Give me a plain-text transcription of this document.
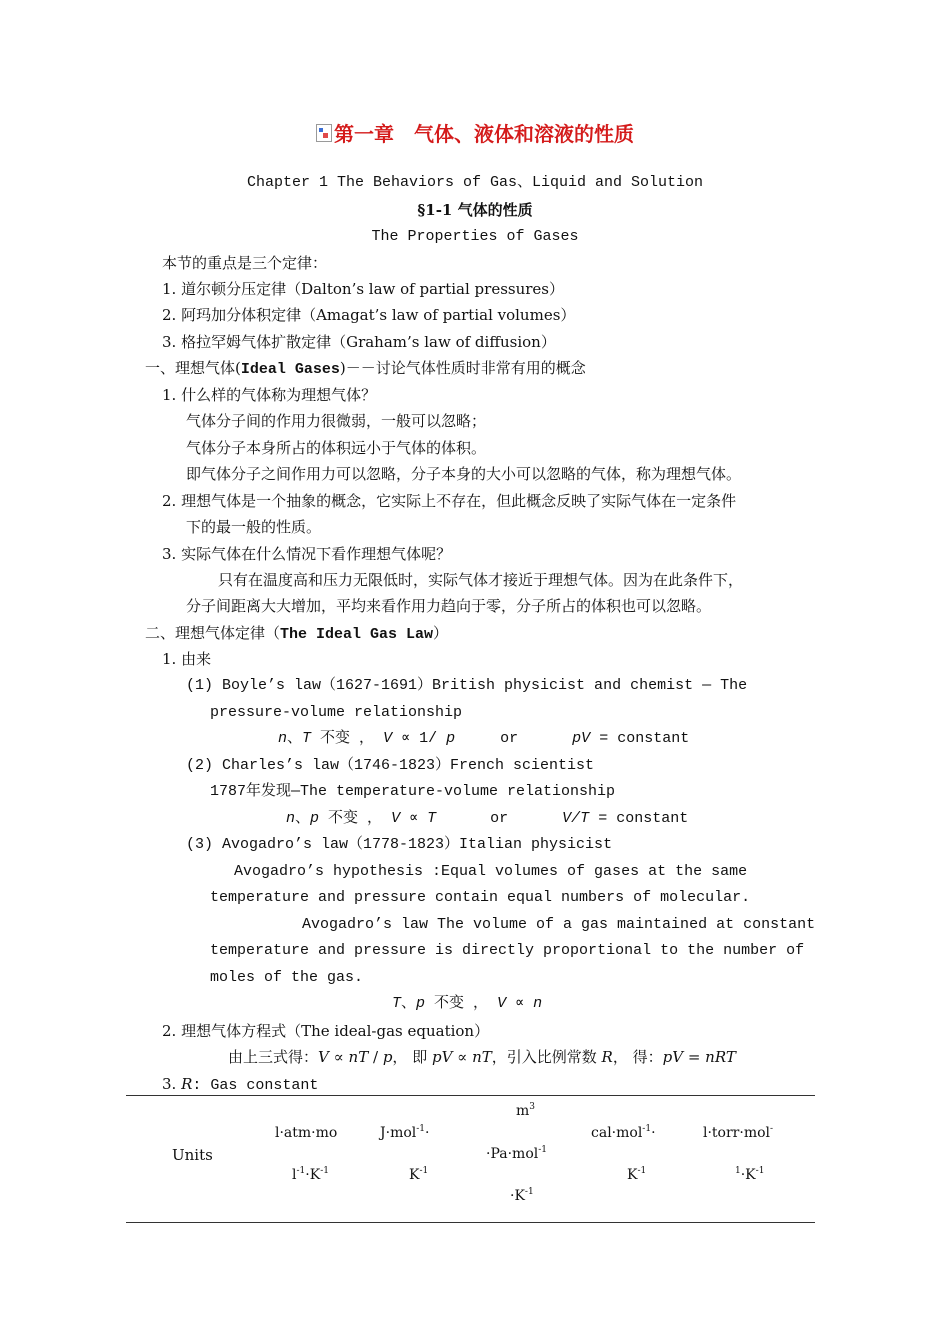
第一章　气体、液体和溶液的性质
Chapter 1 The Behaviors of Gas、Liquid and Solution
§1-1 气体的性质
The Properties of Gases
本节的重点是三个定律：
1. 道尔顿分压定律（Dalton’s law of partial pressures）
2. 阿玛加分体积定律（Amagat’s law of partial volumes）
3. 格拉罕姆气体扩散定律（Graham’s law of diffusion）
一、理想气体(Ideal Gases)－－讨论气体性质时非常有用的概念
1. 什么样的气体称为理想气体？
气体分子间的作用力很微弱，一般可以忽略；
气体分子本身所占的体积远小于气体的体积。
即气体分子之间作用力可以忽略，分子本身的大小可以忽略的气体，称为理想气体。
2. 理想气体是一个抽象的概念，它实际上不存在，但此概念反映了实际气体在一定条件
下的最一般的性质。
3. 实际气体在什么情况下看作理想气体呢？
只有在温度高和压力无限低时，实际气体才接近于理想气体。因为在此条件下，
分子间距离大大增加，平均来看作用力趋向于零，分子所占的体积也可以忽略。
二、理想气体定律（The Ideal Gas Law）
1. 由来
(1) Boyle’s law（1627-1691）British physicist and chemist — The
pressure-volume relationship
n、T 不变 ， V ∝ 1/ p     or      pV = constant
(2) Charles’s law（1746-1823）French scientist
1787年发现—The temperature-volume relationship
n、p 不变 ， V ∝ T      or      V/T = constant
(3) Avogadro’s law（1778-1823）Italian physicist
Avogadro’s hypothesis :Equal volumes of gases at the same
temperature and pressure contain equal numbers of molecular.
Avogadro’s law The volume of a gas maintained at constant
temperature and pressure is directly proportional to the number of
moles of the gas.
T、p 不变 ， V ∝ n
2. 理想气体方程式（The ideal-gas equation）
由上三式得：V ∝ nT / p， 即 pV ∝ nT，引入比例常数 R， 得：pV = nRT
3. R: Gas constant
Units
l·atm·mo
$l^{-1}\cdot K^{-1}$
J·mol$^{-1}$·
$K^{-1}$
$m^3$
·Pa·mol$^{-1}$
$\cdot K^{-1}$
cal·mol$^{-1}$·
$K^{-1}$
l·torr·mol-
$^1\cdot K^{-1}$
